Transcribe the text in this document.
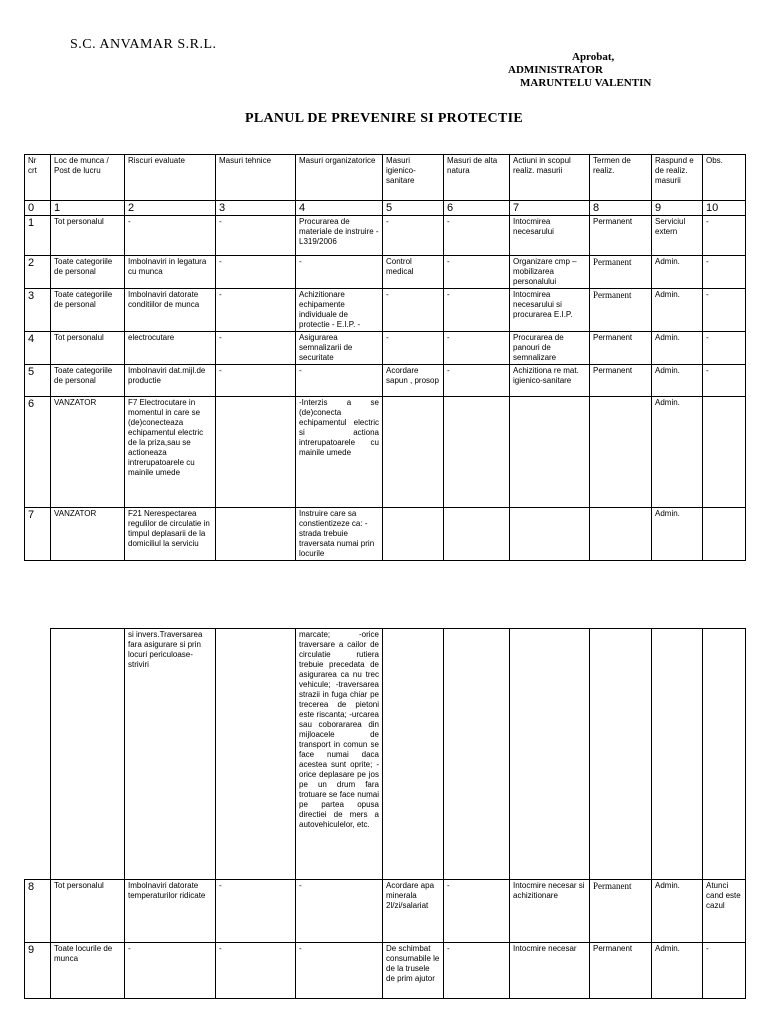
S.C. ANVAMAR S.R.L.
Aprobat,
ADMINISTRATOR
MARUNTELU VALENTIN
PLANUL DE PREVENIRE SI PROTECTIE
Nr crt	Loc de munca / Post de lucru	Riscuri evaluate	Masuri tehnice	Masuri organizatorice	Masuri igienico-sanitare	Masuri de alta natura	Actiuni in scopul realiz. masurii	Termen de realiz.	Raspund e de realiz. masurii	Obs.
0	1	2	3	4	5	6	7	8	9	10
1	Tot personalul	-	-	Procurarea de materiale de instruire - L319/2006	-	-	Intocmirea necesarului	Permanent	Serviciul extern	-
2	Toate categoriile de personal	Imbolnaviri in legatura cu munca	-	-	Control medical	-	Organizare cmp – mobilizarea personalului	Permanent	Admin.	-
3	Toate categoriile de personal	Imbolnaviri datorate conditiilor de munca	-	Achizitionare echipamente individuale de protectie - E.I.P. -	-	-	Intocmirea necesarului si procurarea E.I.P.	Permanent	Admin.	-
4	Tot personalul	electrocutare	-	Asigurarea semnalizarii de securitate	-	-	Procurarea de panouri de semnalizare	Permanent	Admin.	-
5	Toate categoriile de personal	Imbolnaviri dat.mijl.de productie	-	-	Acordare sapun , prosop	-	Achizitiona re mat. igienico-sanitare	Permanent	Admin.	-
6	VANZATOR	F7 Electrocutare in momentul in care se (de)conecteaza echipamentul electric de la priza,sau se actioneaza intrerupatoarele cu mainile umede		-Interzis a se (de)conecta echipamentul electric si actiona intrerupatoarele cu mainile umede					Admin.	
7	VANZATOR	F21 Nerespectarea regulilor de circulatie in timpul deplasarii de la domiciliul la serviciu		Instruire care sa constientizeze ca: -strada trebuie traversata numai prin locurile					Admin.	
	si invers.Traversarea fara asigurare si prin locuri periculoase-striviri		marcate; -orice traversare a cailor de circulatie rutiera trebuie precedata de asigurarea ca nu trec vehicule; -traversarea strazii in fuga chiar pe trecerea de pietoni este riscanta; -urcarea sau coborararea din mijloacele de transport in comun se face numai daca acestea sunt oprite; -orice deplasare pe jos pe un drum fara trotuare se face numai pe partea opusa directiei de mers a autovehiculelor, etc.						
8	Tot personalul	Imbolnaviri datorate temperaturilor ridicate	-	-	Acordare apa minerala 2l/zi/salariat	-	Intocmire necesar si achizitionare	Permanent	Admin.	Atunci cand este cazul
9	Toate locurile de munca	-	-	-	De schimbat consumabile le de la trusele de prim ajutor	-	Intocmire necesar	Permanent	Admin.	-
